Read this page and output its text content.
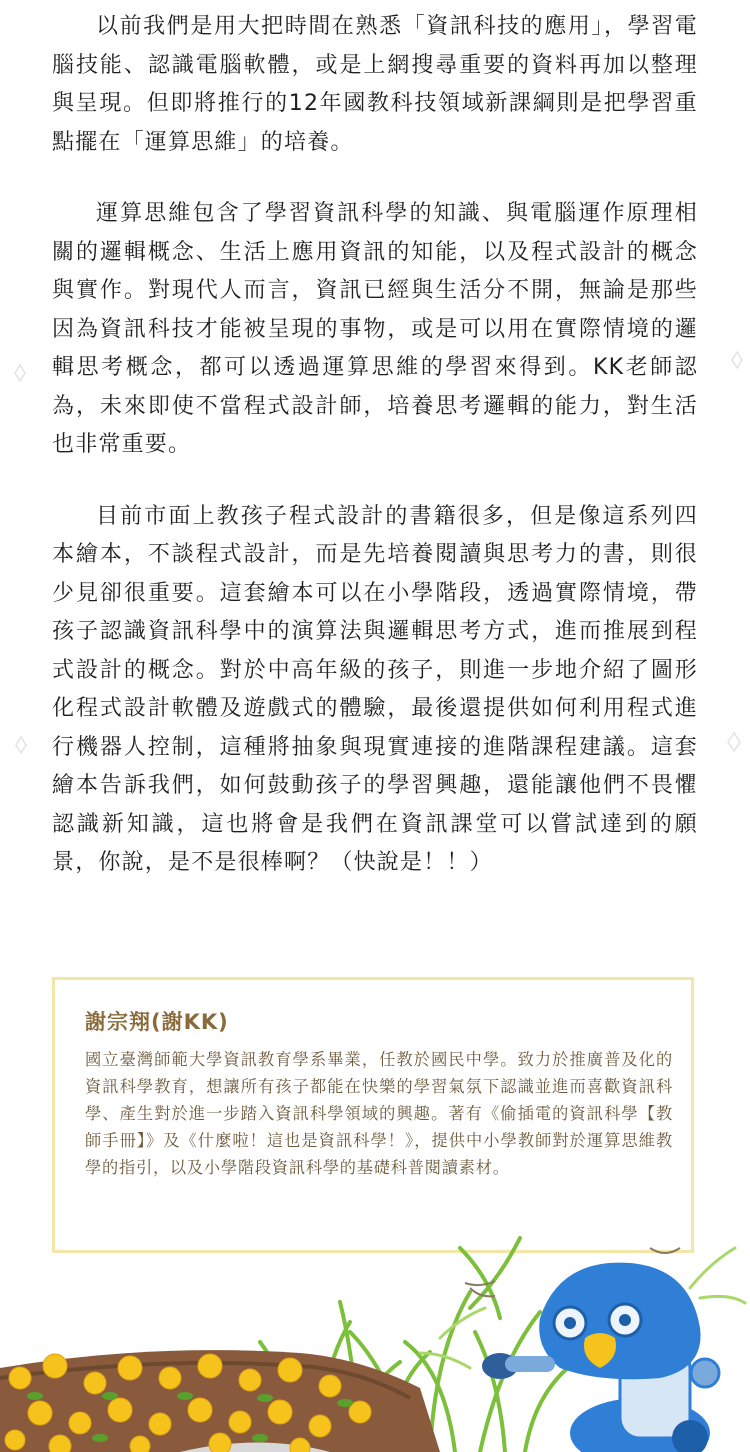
以前我們是用大把時間在熟悉「資訊科技的應用」，學習電腦技能、認識電腦軟體，或是上網搜尋重要的資料再加以整理與呈現。但即將推行的12年國教科技領域新課綱則是把學習重點擺在「運算思維」的培養。

運算思維包含了學習資訊科學的知識、與電腦運作原理相關的邏輯概念、生活上應用資訊的知能，以及程式設計的概念與實作。對現代人而言，資訊已經與生活分不開，無論是那些因為資訊科技才能被呈現的事物，或是可以用在實際情境的邏輯思考概念，都可以透過運算思維的學習來得到。KK老師認為，未來即使不當程式設計師，培養思考邏輯的能力，對生活也非常重要。

目前市面上教孩子程式設計的書籍很多，但是像這系列四本繪本，不談程式設計，而是先培養閱讀與思考力的書，則很少見卻很重要。這套繪本可以在小學階段，透過實際情境，帶孩子認識資訊科學中的演算法與邏輯思考方式，進而推展到程式設計的概念。對於中高年級的孩子，則進一步地介紹了圖形化程式設計軟體及遊戲式的體驗，最後還提供如何利用程式進行機器人控制，這種將抽象與現實連接的進階課程建議。這套繪本告訴我們，如何鼓動孩子的學習興趣，還能讓他們不畏懼認識新知識，這也將會是我們在資訊課堂可以嘗試達到的願景，你說，是不是很棒啊？（快說是！！）

謝宗翔(謝KK)

國立臺灣師範大學資訊教育學系畢業，任教於國民中學。致力於推廣普及化的資訊科學教育，想讓所有孩子都能在快樂的學習氣氛下認識並進而喜歡資訊科學、產生對於進一步踏入資訊科學領域的興趣。著有《偷插電的資訊科學【教師手冊】》及《什麼啦！這也是資訊科學！》，提供中小學教師對於運算思維教學的指引，以及小學階段資訊科學的基礎科普閱讀素材。
